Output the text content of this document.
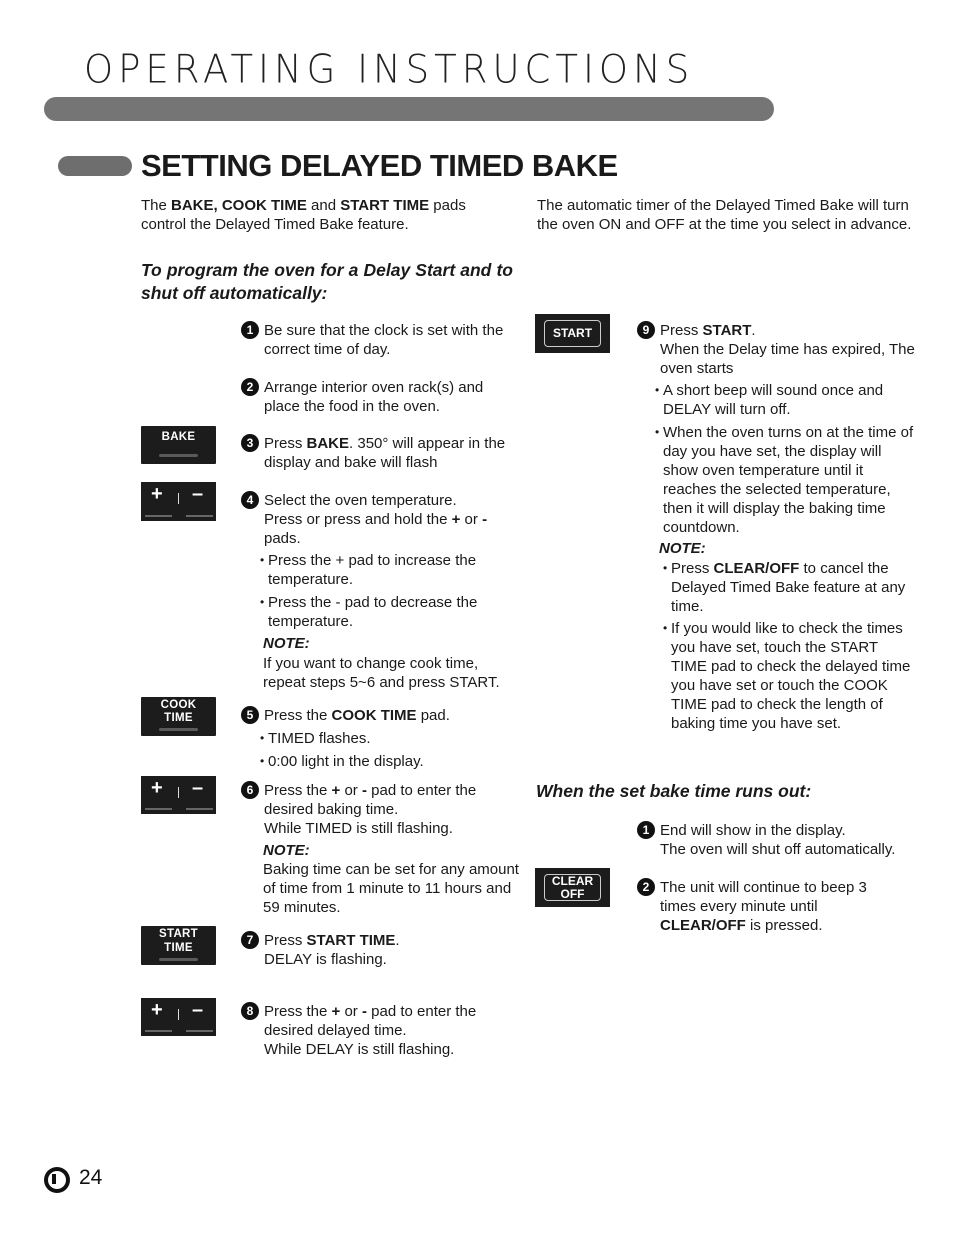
OPERATING INSTRUCTIONS
SETTING DELAYED TIMED BAKE
The BAKE, COOK TIME and START TIME pads control the Delayed Timed Bake feature.
The automatic timer of the Delayed Timed Bake will turn the oven ON and OFF at the time you select in advance.
To program the oven for a Delay Start and to shut off automatically:
1 Be sure that the clock is set with the correct time of day.
2 Arrange interior oven rack(s) and place the food in the oven.
BAKE	3 Press BAKE. 350° will appear in the display and bake will flash
+ –	4 Select the oven temperature.
Press or press and hold the + or - pads.
• Press the + pad to increase the temperature.
• Press the - pad to decrease the temperature.
NOTE:
If you want to change cook time, repeat steps 5~6 and press START.
COOK
TIME	5 Press the COOK TIME pad.
• TIMED flashes.
• 0:00 light in the display.
+ –	6 Press the + or - pad to enter the desired baking time.
While TIMED is still flashing.
NOTE:
Baking time can be set for any amount of time from 1 minute to 11 hours and 59 minutes.
START
TIME
7 Press START TIME.
DELAY is flashing.
+ –	8 Press the + or - pad to enter the desired delayed time.
While DELAY is still flashing.
START	9 Press START.
When the Delay time has expired, The oven starts
• A short beep will sound once and DELAY will turn off.
• When the oven turns on at the time of day you have set, the display will show oven temperature until it reaches the selected temperature, then it will display the baking time countdown.
NOTE:
• Press CLEAR/OFF to cancel the Delayed Timed Bake feature at any time.
• If you would like to check the times you have set, touch the START TIME pad to check the delayed time you have set or touch the COOK TIME pad to check the length of baking time you have set.
When the set bake time runs out:
1 End will show in the display.
The oven will shut off automatically.
CLEAR
OFF	2 The unit will continue to beep 3 times every minute until CLEAR/OFF is pressed.
24
